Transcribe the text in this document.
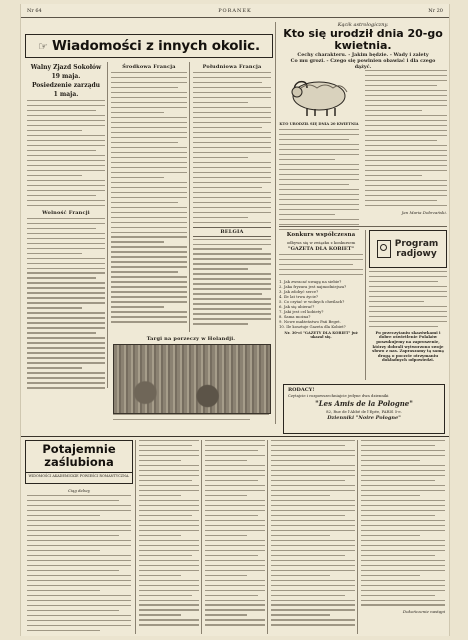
Nr 64	PORANEK	Nr 20
☞ Wiadomości z innych okolic.
Walny Zjazd Sokołów
19 maja.
Posiedzenie zarządu
1 maja.
Wolność Francji
Środkowa Francja	Południowa Francja
BELGIA
Targi na porzeczy w Holandji.
Kącik astrologiczny.
Kto się urodził dnia 20-go kwietnia.
Cechy charakteru. - Jakim będzie. - Wady i zalety
Co mu grozi. - Czego się powinien obawiać i dla czego
dążyć.
KTO URODZIŁ SIĘ DNIA 20 KWIETNIA
Jan Maria Dobrzański.
Konkurs współczesna
odbywa się w związku z konkursem
"GAZETA DLA KOBIET"
1. Jak zwracać uwagę na siebie?
2. Jaka fryzura jest najmodniejsza?
3. Jak zdobyć serce?
4. Ile lat trwa życie?
5. Co czytać w wolnych chwilach?
6. Jak się ubierać?
7. Jaki jest cel kobiety?
8. Sama można?
9. Nowe małżeństwo Pań Beget.
10. Ile kosztuje Gazeta dla Kobiet?
Nr. 30-ci "GAZETY DLA KOBIET" już ukazał się.
Program radjowy
Po przeczytaniu skazówkami i dobre oświetlenie Polaków poszukujemy na zaproszenie, którzy dobrali wytworzono swoje słowo z nas. Zapraszamy tą samą drogą o poczcie otrzymaniu dokładnych odpowiedzi.
RODACY!
Czytajcie i rozpowszechniajcie jedyne dwa dzienniki
"Les Amis de la Pologne"
82, Rue de l'Abbé de l'Epée, PARIS 5-e.
Dzienniki "Noire Pologne"
Potajemnie zaślubiona
WIDOMOŚCI AKADEMICKIE POWIEŚCI ROMANTYCZNA.
Ciąg dalszy
Dokończenie nastąpi
